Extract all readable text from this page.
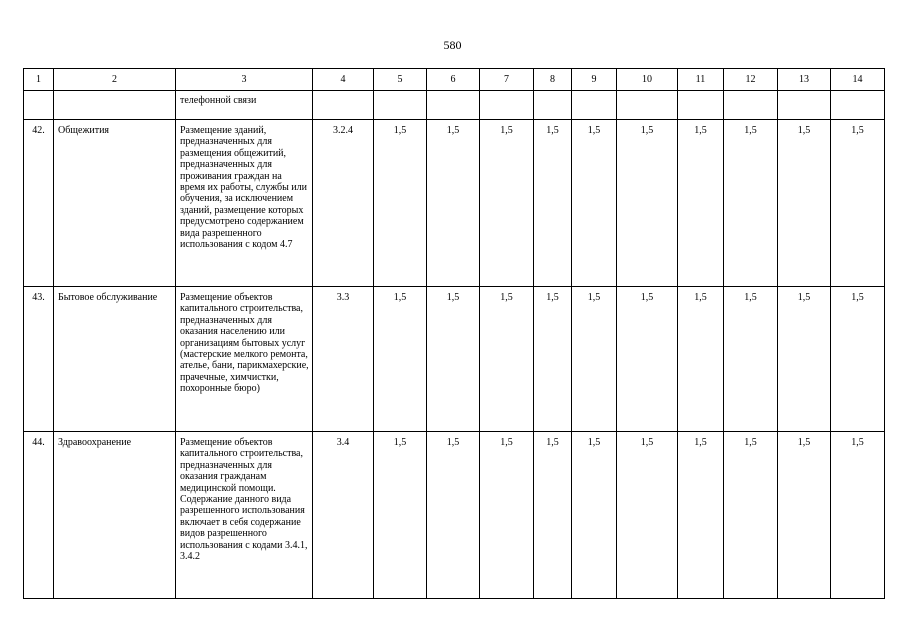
580
1	2	3	4	5	6	7	8	9	10	11	12	13	14
		телефонной связи											
42.	Общежития	Размещение зданий, предназначенных для размещения общежитий, предназначенных для проживания граждан на время их работы, службы или обучения, за исключением зданий, размещение которых предусмотрено содержанием вида разрешенного использования с кодом 4.7	3.2.4	1,5	1,5	1,5	1,5	1,5	1,5	1,5	1,5	1,5	1,5
43.	Бытовое обслуживание	Размещение объектов капитального строительства, предназначенных для оказания населению или организациям бытовых услуг (мастерские мелкого ремонта, ателье, бани, парикмахерские, прачечные, химчистки, похоронные бюро)	3.3	1,5	1,5	1,5	1,5	1,5	1,5	1,5	1,5	1,5	1,5
44.	Здравоохранение	Размещение объектов капитального строительства, предназначенных для оказания гражданам медицинской помощи. Содержание данного вида разрешенного использования включает в себя содержание видов разрешенного использования с кодами 3.4.1, 3.4.2	3.4	1,5	1,5	1,5	1,5	1,5	1,5	1,5	1,5	1,5	1,5
